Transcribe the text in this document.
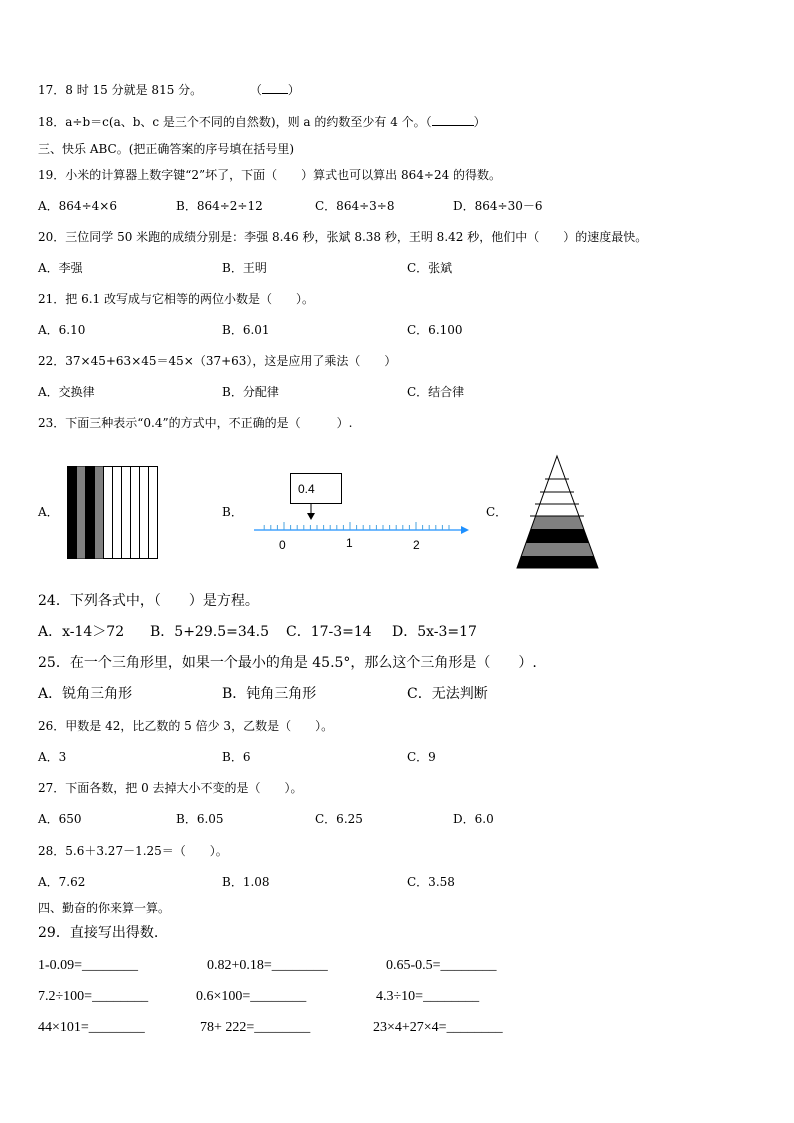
17．8 时 15 分就是 815 分。	（ ）
18．a÷b＝c(a、b、c 是三个不同的自然数)，则 a 的约数至少有 4 个。（	）
三、快乐 ABC。(把正确答案的序号填在括号里)
19．小米的计算器上数字键“2”坏了，下面（　　）算式也可以算出 864÷24 的得数。
A．864÷4×6	B．864÷2÷12	C．864÷3÷8	D．864÷30－6
20．三位同学 50 米跑的成绩分别是：李强 8.46 秒，张斌 8.38 秒，王明 8.42 秒，他们中（　　）的速度最快。
A．李强	B．王明	C．张斌
21．把 6.1 改写成与它相等的两位小数是（　　）。
A．6.10	B．6.01	C．6.100
22．37×45+63×45＝45×（37+63），这是应用了乘法（　　）
A．交换律	B．分配律	C．结合律
23．下面三种表示“0.4”的方式中，不正确的是（　　　）.
A．	B．	C．
0.4
0	1	2
24．下列各式中，（　　）是方程。
A．x-14＞72 B．5+29.5=34.5 C．17-3=14 D．5x-3=17
25．在一个三角形里，如果一个最小的角是 45.5°，那么这个三角形是（　　）.
A．锐角三角形	B．钝角三角形	C．无法判断
26．甲数是 42，比乙数的 5 倍少 3，乙数是（　　）。
A．3	B．6	C．9
27．下面各数，把 0 去掉大小不变的是（　　）。
A．650	B．6.05	C．6.25	D．6.0
28．5.6＋3.27－1.25＝（　　）。
A．7.62	B．1.08	C．3.58
四、勤奋的你来算一算。
29．直接写出得数.
1-0.09=________	0.82+0.18=________	0.65-0.5=________
7.2÷100=________	0.6×100=________	4.3÷10=________
44×101=________	78+ 222=________	23×4+27×4=________
